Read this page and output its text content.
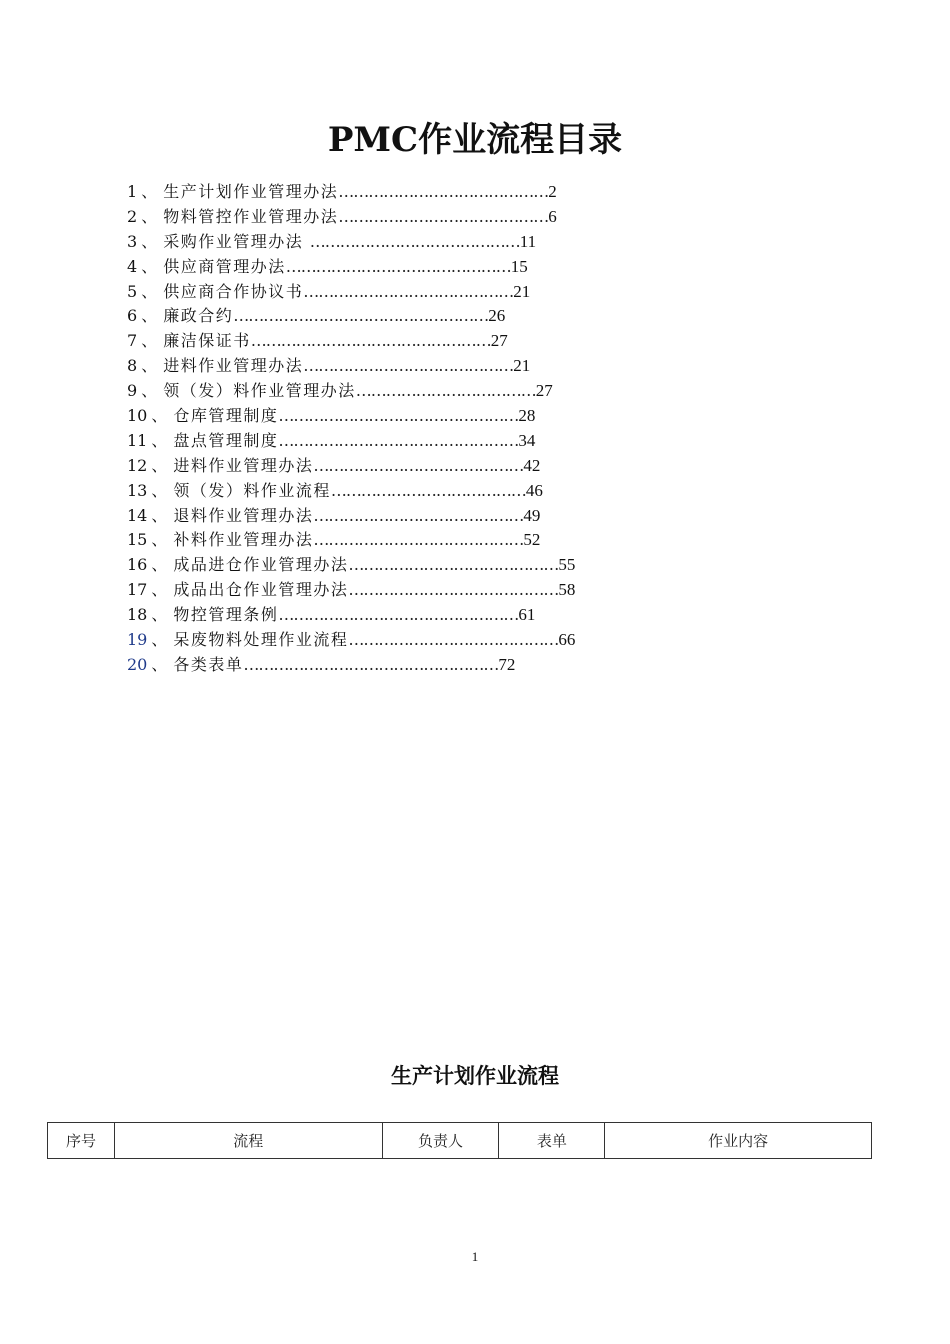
PMC作业流程目录
1 、 生产计划作业管理办法……………………………………2
2 、 物料管控作业管理办法……………………………………6
3 、 采购作业管理办法 ……………………………………11
4 、 供应商管理办法………………………………………15
5 、 供应商合作协议书……………………………………21
6 、 廉政合约……………………………………………26
7 、 廉洁保证书…………………………………………27
8 、 进料作业管理办法……………………………………21
9 、 领（发）料作业管理办法………………………………27
10 、 仓库管理制度…………………………………………28
11 、 盘点管理制度…………………………………………34
12 、 进料作业管理办法……………………………………42
13 、 领（发）料作业流程…………………………………46
14 、 退料作业管理办法……………………………………49
15 、 补料作业管理办法……………………………………52
16 、 成品进仓作业管理办法……………………………………55
17 、 成品出仓作业管理办法……………………………………58
18 、 物控管理条例…………………………………………61
19 、 呆废物料处理作业流程……………………………………66
20 、 各类表单……………………………………………72
生产计划作业流程
序号	流程	负责人	表单	作业内容
1
